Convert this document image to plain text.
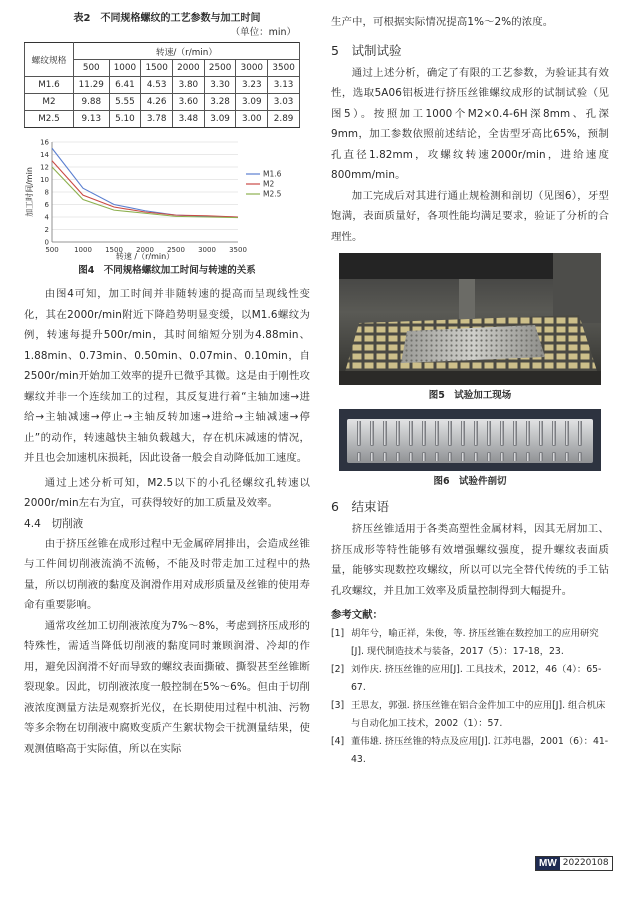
表2　不同规格螺纹的工艺参数与加工时间
（单位：min）
螺纹规格	转速/（r/min）						
	500	1000	1500	2000	2500	3000	3500
M1.6	11.29	6.41	4.53	3.80	3.30	3.23	3.13
M2	9.88	5.55	4.26	3.60	3.28	3.09	3.03
M2.5	9.13	5.10	3.78	3.48	3.09	3.00	2.89
0
2
4
6
8
10
12
14
16
500 1000 1500 2000 2500 3000 3500
M1.6
M2
M2.5
转速 /（r/min）
加工时间/min
图4　不同规格螺纹加工时间与转速的关系

由图4可知，加工时间并非随转速的提高而呈现线性变化，其在2000r/min附近下降趋势明显变缓，以M1.6螺纹为例，转速每提升500r/min，其时间缩短分别为4.88min、1.88min、0.73min、0.50min、0.07min、0.10min，自2500r/min开始加工效率的提升已微乎其微。这是由于刚性攻螺纹并非一个连续加工的过程，其反复进行着“主轴加速→进给→主轴减速→停止→主轴反转加速→进给→主轴减速→停止”的动作，转速越快主轴负载越大，存在机床减速的情况，并且也会加速机床损耗，因此设备一般会自动降低加工速度。

通过上述分析可知，M2.5以下的小孔径螺纹孔转速以2000r/min左右为宜，可获得较好的加工质量及效率。

4.4　切削液

由于挤压丝锥在成形过程中无金属碎屑排出，会造成丝锥与工件间切削液流淌不流畅，不能及时带走加工过程中的热量，所以切削液的黏度及润滑作用对成形质量及丝锥的使用寿命有重要影响。

通常攻丝加工切削液浓度为7%～8%，考虑到挤压成形的特殊性，需适当降低切削液的黏度同时兼顾润滑、冷却的作用，避免因润滑不好而导致的螺纹表面撕破、撕裂甚至丝锥断裂现象。因此，切削液浓度一般控制在5%～6%。但由于切削液浓度测量方法是观察折光仪，在长期使用过程中机油、污物等多余物在切削液中腐败变质产生絮状物会干扰测量结果，使观测值略高于实际值，所以在实际

生产中，可根据实际情况提高1%～2%的浓度。

5　试制试验

通过上述分析，确定了有限的工艺参数，为验证其有效性，选取5A06铝板进行挤压丝锥螺纹成形的试制试验（见图5）。按照加工1000个M2×0.4-6H深8mm、孔深9mm，加工参数依照前述结论，全齿型牙高比65%，预制孔直径1.82mm，攻螺纹转速2000r/min，进给速度800mm/min。

加工完成后对其进行通止规检测和剖切（见图6），牙型饱满，表面质量好，各项性能均满足要求，验证了分析的合理性。

图5　试验加工现场
图6　试验件剖切

6　结束语

挤压丝锥适用于各类高塑性金属材料，因其无屑加工、挤压成形等特性能够有效增强螺纹强度，提升螺纹表面质量，能够实现数控攻螺纹，所以可以完全替代传统的手工钻孔攻螺纹，并且加工效率及质量控制得到大幅提升。

参考文献：

[1] 胡年兮，喻正祥，朱俊，等. 挤压丝锥在数控加工的应用研究[J]. 现代制造技术与装备，2017（5）：17-18，23.
[2] 刘作庆. 挤压丝锥的应用[J]. 工具技术，2012，46（4）：65-67.
[3] 王思友，郭强. 挤压丝锥在铝合金件加工中的应用[J]. 组合机床与自动化加工技术，2002（1）：57.
[4] 董伟雄. 挤压丝锥的特点及应用[J]. 江苏电器，2001（6）：41-43.
MW 20220108
